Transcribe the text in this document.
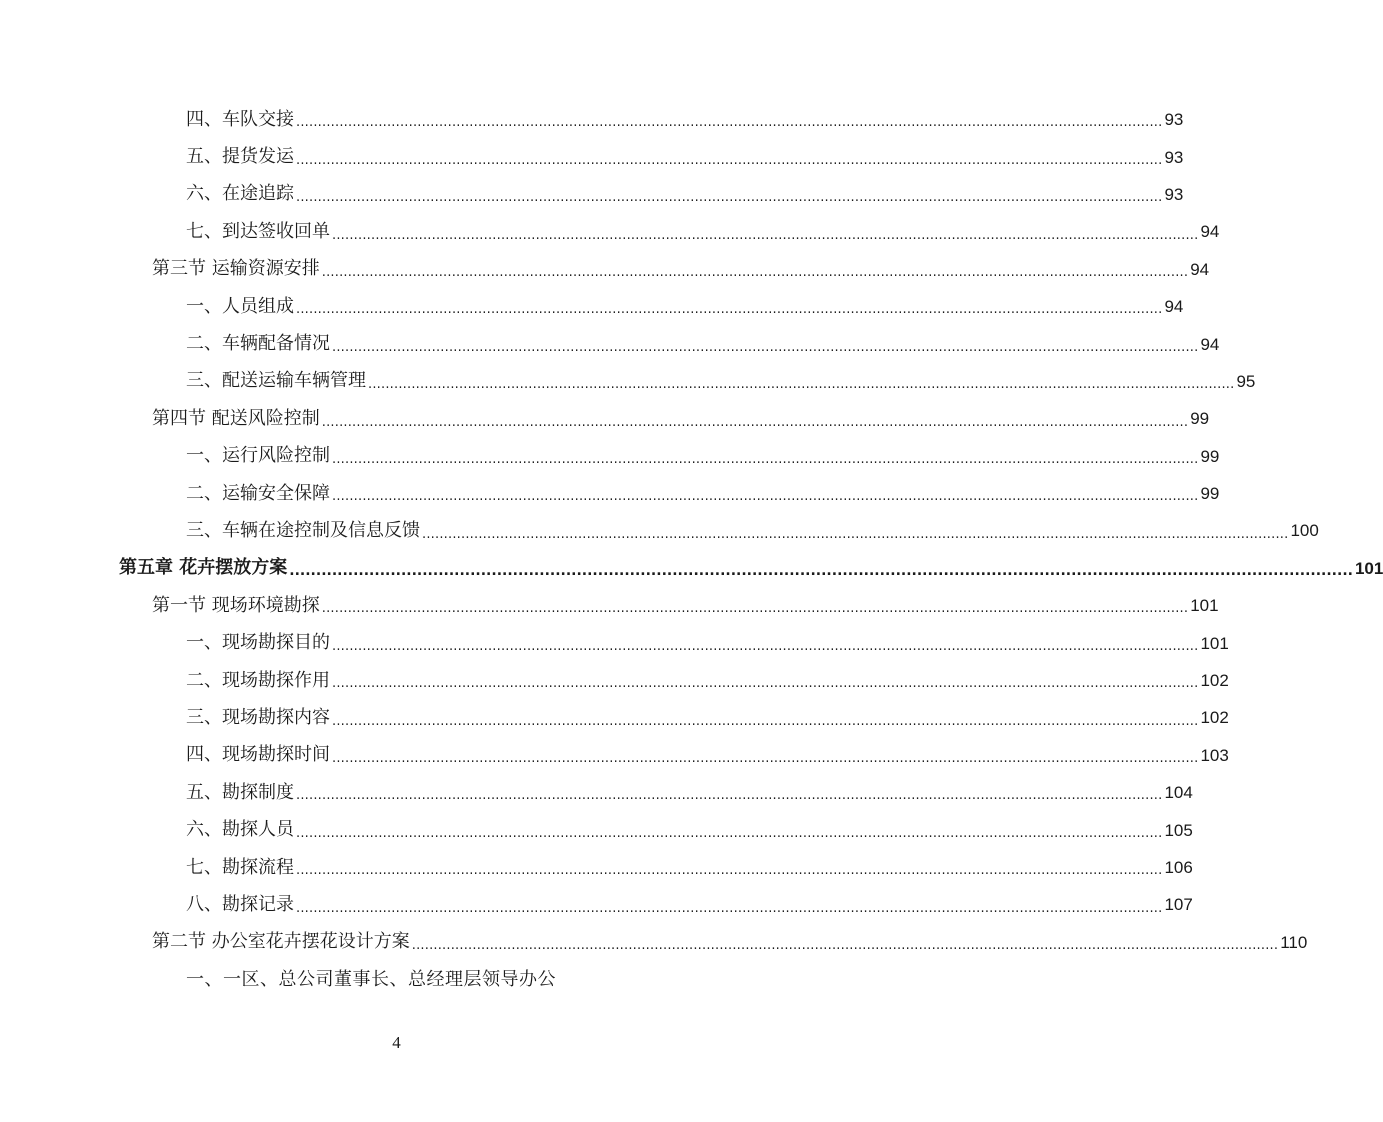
四、车队交接 ........................................................................................................................................................................................................ 93
五、提货发运 ........................................................................................................................................................................................................ 93
六、在途追踪 ........................................................................................................................................................................................................ 93
七、到达签收回单 ........................................................................................................................................................................................................ 94
第三节 运输资源安排 ........................................................................................................................................................................................................ 94
一、人员组成 ........................................................................................................................................................................................................ 94
二、车辆配备情况 ........................................................................................................................................................................................................ 94
三、配送运输车辆管理 ........................................................................................................................................................................................................ 95
第四节 配送风险控制 ........................................................................................................................................................................................................ 99
一、运行风险控制 ........................................................................................................................................................................................................ 99
二、运输安全保障 ........................................................................................................................................................................................................ 99
三、车辆在途控制及信息反馈 ........................................................................................................................................................................................................ 100
第五章 花卉摆放方案 ........................................................................................................................................................................................................ 101
第一节 现场环境勘探 ........................................................................................................................................................................................................ 101
一、现场勘探目的 ........................................................................................................................................................................................................ 101
二、现场勘探作用 ........................................................................................................................................................................................................ 102
三、现场勘探内容 ........................................................................................................................................................................................................ 102
四、现场勘探时间 ........................................................................................................................................................................................................ 103
五、勘探制度 ........................................................................................................................................................................................................ 104
六、勘探人员 ........................................................................................................................................................................................................ 105
七、勘探流程 ........................................................................................................................................................................................................ 106
八、勘探记录 ........................................................................................................................................................................................................ 107
第二节 办公室花卉摆花设计方案 ........................................................................................................................................................................................................ 110
一、一区、总公司董事长、总经理层领导办公
4
